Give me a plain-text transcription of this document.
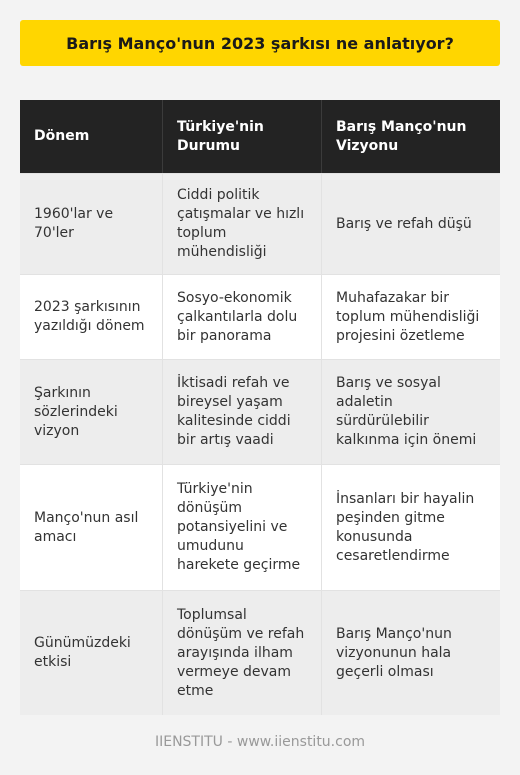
Barış Manço'nun 2023 şarkısı ne anlatıyor?
Dönem
Türkiye'nin Durumu
Barış Manço'nun Vizyonu
1960'lar ve 70'ler
Ciddi politik çatışmalar ve hızlı toplum mühendisliği
Barış ve refah düşü
2023 şarkısının yazıldığı dönem
Sosyo-ekonomik çalkantılarla dolu bir panorama
Muhafazakar bir toplum mühendisliği projesini özetleme
Şarkının sözlerindeki vizyon
İktisadi refah ve bireysel yaşam kalitesinde ciddi bir artış vaadi
Barış ve sosyal adaletin sürdürülebilir kalkınma için önemi
Manço'nun asıl amacı
Türkiye'nin dönüşüm potansiyelini ve umudunu harekete geçirme
İnsanları bir hayalin peşinden gitme konusunda cesaretlendirme
Günümüzdeki etkisi
Toplumsal dönüşüm ve refah arayışında ilham vermeye devam etme
Barış Manço'nun vizyonunun hala geçerli olması
IIENSTITU - www.iienstitu.com
